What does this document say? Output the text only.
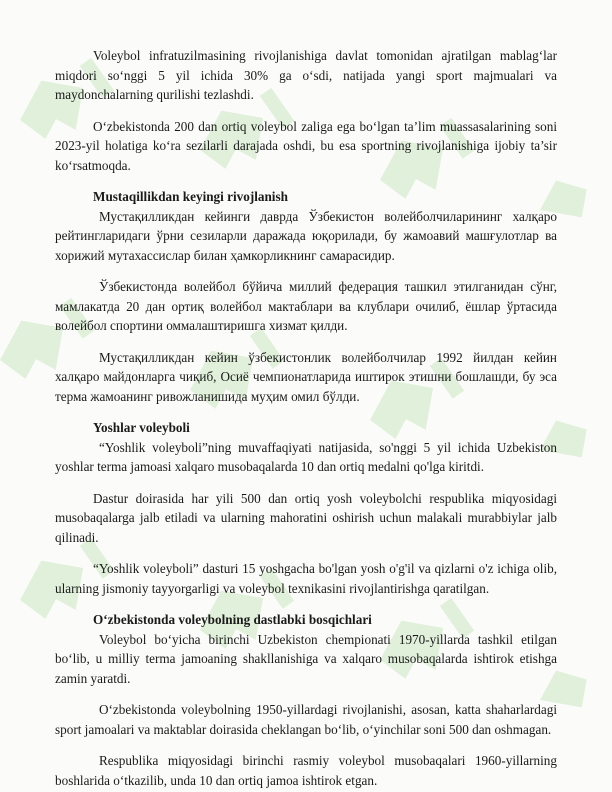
Voleybol infratuzilmasining rivojlanishiga davlat tomonidan ajratilgan mablag‘lar miqdori so‘nggi 5 yil ichida 30% ga o‘sdi, natijada yangi sport majmualari va maydonchalarning qurilishi tezlashdi.

O‘zbekistonda 200 dan ortiq voleybol zaliga ega bo‘lgan ta’lim muassasalarining soni 2023-yil holatiga ko‘ra sezilarli darajada oshdi, bu esa sportning rivojlanishiga ijobiy ta’sir ko‘rsatmoqda.

Mustaqillikdan keyingi rivojlanish

Мустақилликдан кейинги даврда Ўзбекистон волейболчиларининг халқаро рейтингларидаги ўрни сезиларли даражада юқорилади, бу жамоавий машғулотлар ва хорижий мутахассислар билан ҳамкорликнинг самарасидир.

Ўзбекистонда волейбол бўйича миллий федерация ташкил этилганидан сўнг, мамлакатда 20 дан ортиқ волейбол мактаблари ва клублари очилиб, ёшлар ўртасида волейбол спортини оммалаштиришга хизмат қилди.

Мустақилликдан кейин ўзбекистонлик волейболчилар 1992 йилдан кейин халқаро майдонларга чиқиб, Осиё чемпионатларида иштирок этишни бошлашди, бу эса терма жамоанинг ривожланишида муҳим омил бўлди.

Yoshlar voleyboli

“Yoshlik voleyboli”ning muvaffaqiyati natijasida, so'nggi 5 yil ichida Uzbekiston yoshlar terma jamoasi xalqaro musobaqalarda 10 dan ortiq medalni qo'lga kiritdi.

Dastur doirasida har yili 500 dan ortiq yosh voleybolchi respublika miqyosidagi musobaqalarga jalb etiladi va ularning mahoratini oshirish uchun malakali murabbiylar jalb qilinadi.

“Yoshlik voleyboli” dasturi 15 yoshgacha bo'lgan yosh o'g'il va qizlarni o'z ichiga olib, ularning jismoniy tayyorgarligi va voleybol texnikasini rivojlantirishga qaratilgan.

O‘zbekistonda voleybolning dastlabki bosqichlari

Voleybol bo‘yicha birinchi Uzbekiston chempionati 1970-yillarda tashkil etilgan bo‘lib, u milliy terma jamoaning shakllanishiga va xalqaro musobaqalarda ishtirok etishga zamin yaratdi.

O‘zbekistonda voleybolning 1950-yillardagi rivojlanishi, asosan, katta shaharlardagi sport jamoalari va maktablar doirasida cheklangan bo‘lib, o‘yinchilar soni 500 dan oshmagan.

Respublika miqyosidagi birinchi rasmiy voleybol musobaqalari 1960-yillarning boshlarida o‘tkazilib, unda 10 dan ortiq jamoa ishtirok etgan.
